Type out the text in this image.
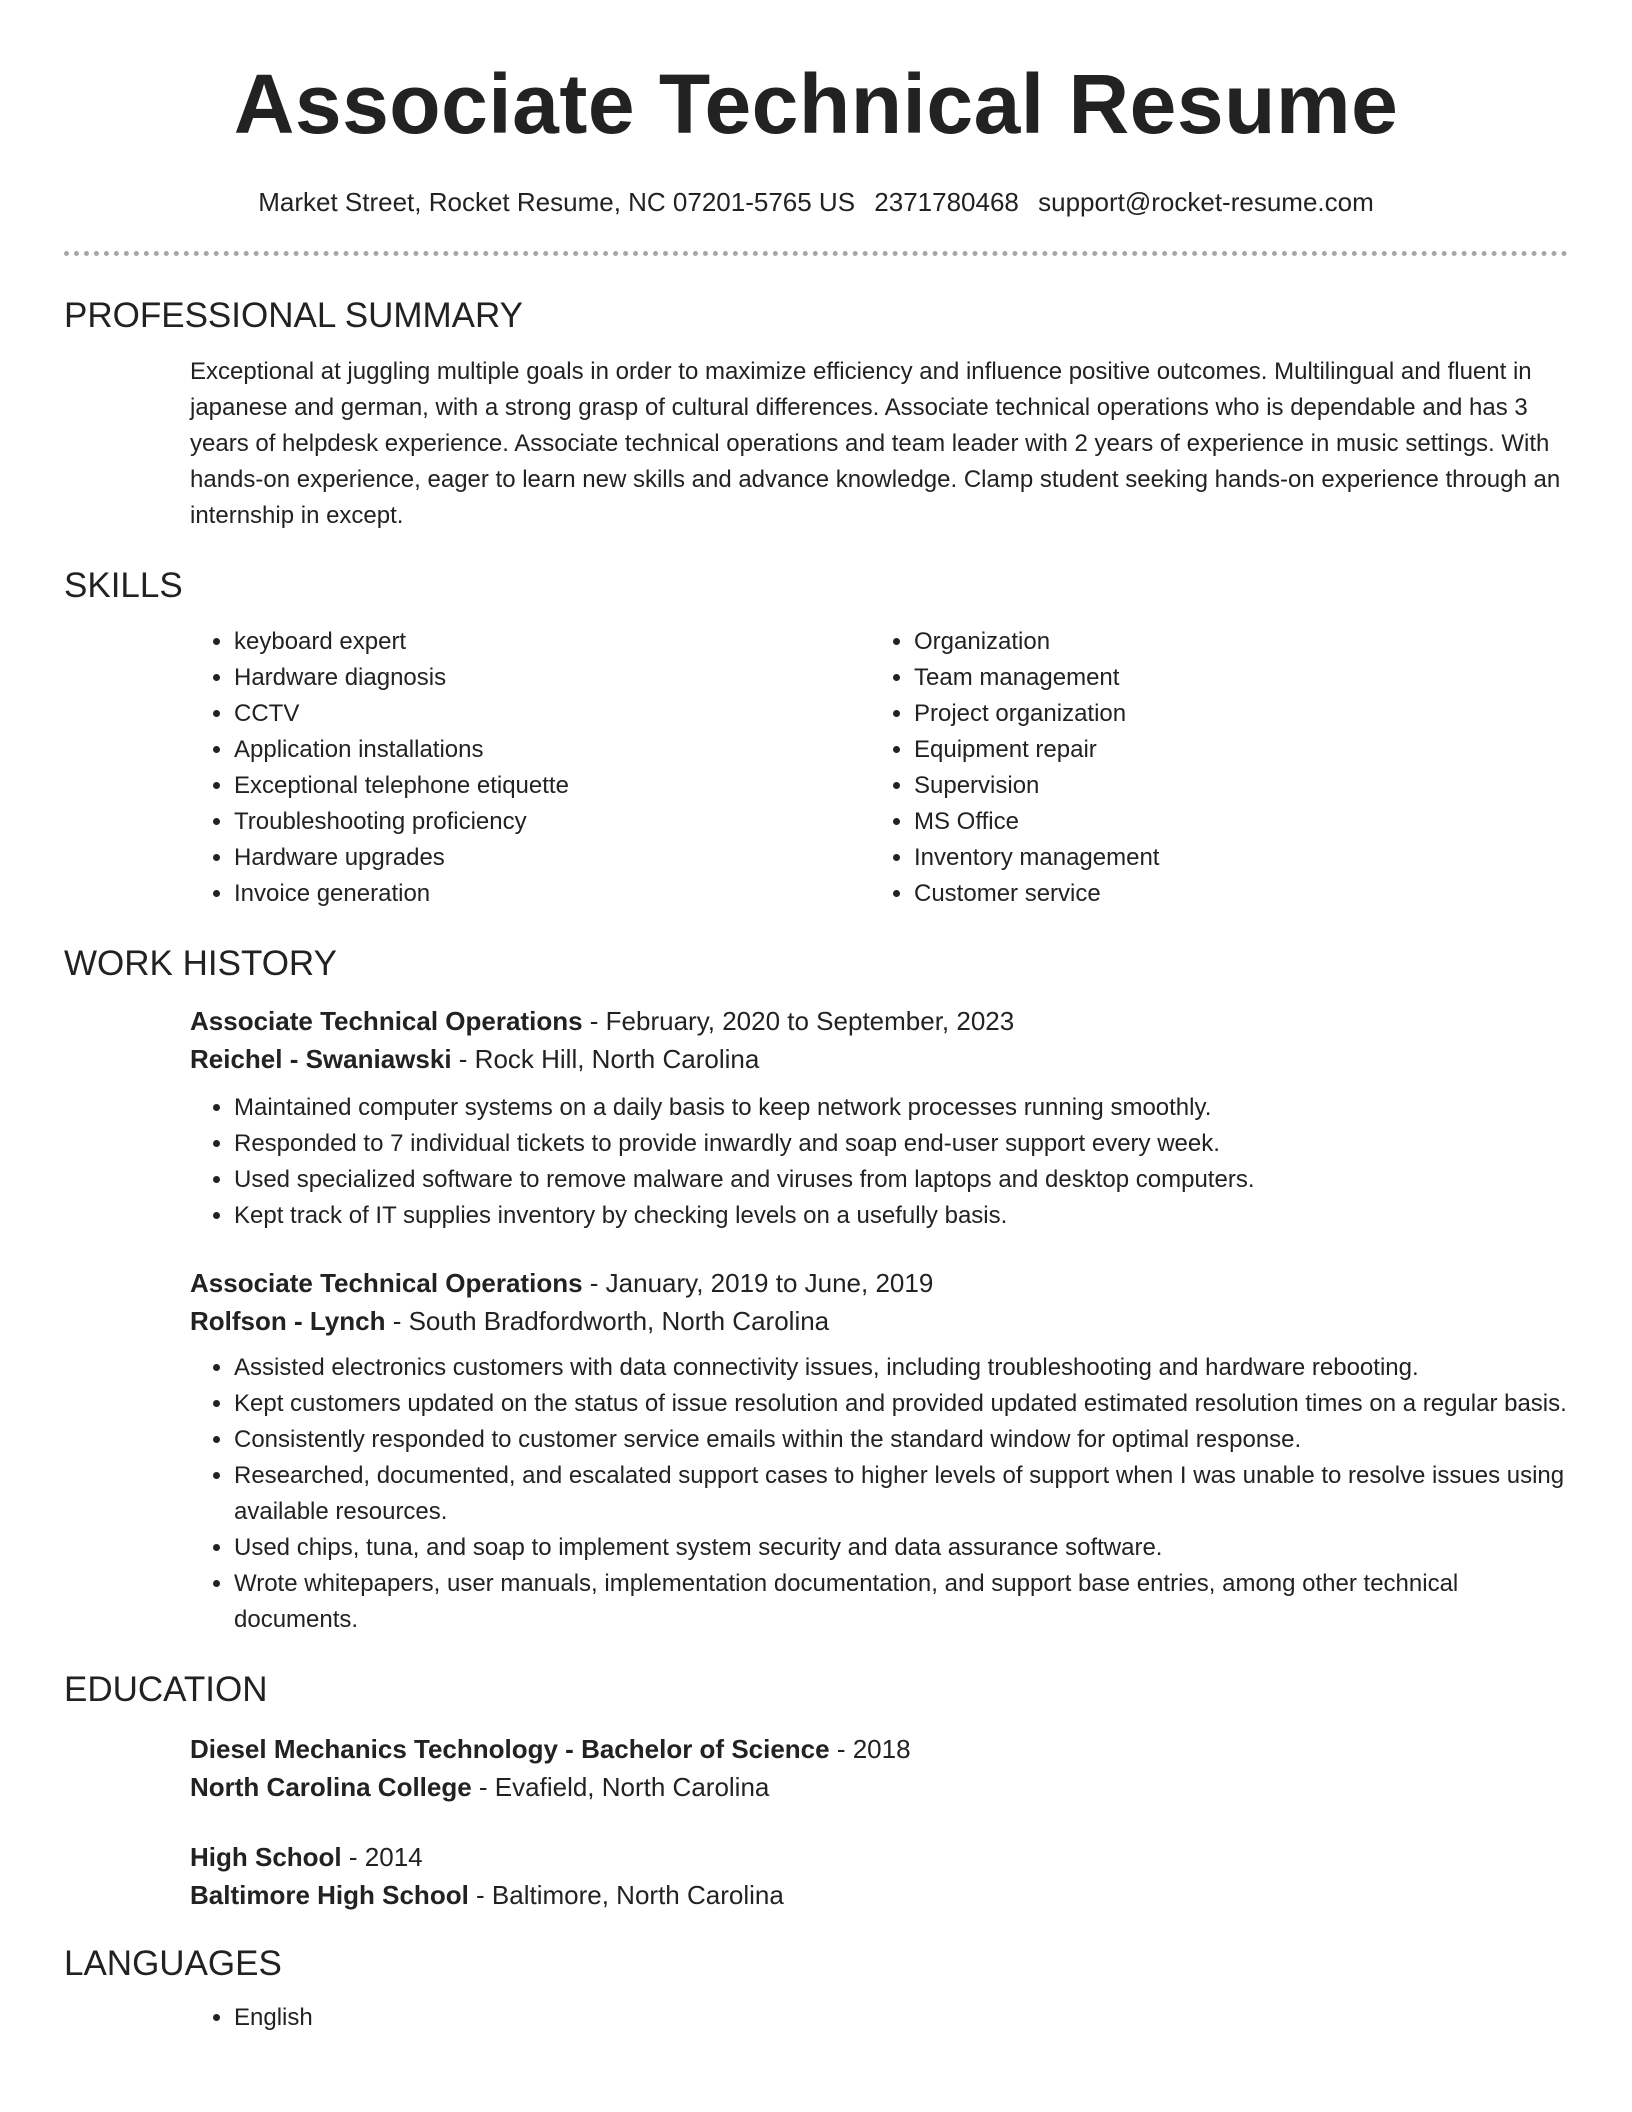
Associate Technical Resume
Market Street, Rocket Resume, NC 07201-5765 US 2371780468 support@rocket-resume.com
PROFESSIONAL SUMMARY

Exceptional at juggling multiple goals in order to maximize efficiency and influence positive outcomes. Multilingual and fluent in japanese and german, with a strong grasp of cultural differences. Associate technical operations who is dependable and has 3 years of helpdesk experience. Associate technical operations and team leader with 2 years of experience in music settings. With hands-on experience, eager to learn new skills and advance knowledge. Clamp student seeking hands-on experience through an internship in except.

SKILLS
• keyboard expert
• Hardware diagnosis
• CCTV
• Application installations
• Exceptional telephone etiquette
• Troubleshooting proficiency
• Hardware upgrades
• Invoice generation
• Organization
• Team management
• Project organization
• Equipment repair
• Supervision
• MS Office
• Inventory management
• Customer service
WORK HISTORY

Associate Technical Operations - February, 2020 to September, 2023

Reichel - Swaniawski - Rock Hill, North Carolina

• Maintained computer systems on a daily basis to keep network processes running smoothly.
• Responded to 7 individual tickets to provide inwardly and soap end-user support every week.
• Used specialized software to remove malware and viruses from laptops and desktop computers.
• Kept track of IT supplies inventory by checking levels on a usefully basis.

Associate Technical Operations - January, 2019 to June, 2019

Rolfson - Lynch - South Bradfordworth, North Carolina

• Assisted electronics customers with data connectivity issues, including troubleshooting and hardware rebooting.
• Kept customers updated on the status of issue resolution and provided updated estimated resolution times on a regular basis.
• Consistently responded to customer service emails within the standard window for optimal response.
• Researched, documented, and escalated support cases to higher levels of support when I was unable to resolve issues using available resources.
• Used chips, tuna, and soap to implement system security and data assurance software.
• Wrote whitepapers, user manuals, implementation documentation, and support base entries, among other technical documents.
EDUCATION

Diesel Mechanics Technology - Bachelor of Science - 2018

North Carolina College - Evafield, North Carolina

High School - 2014

Baltimore High School - Baltimore, North Carolina

LANGUAGES
• English
